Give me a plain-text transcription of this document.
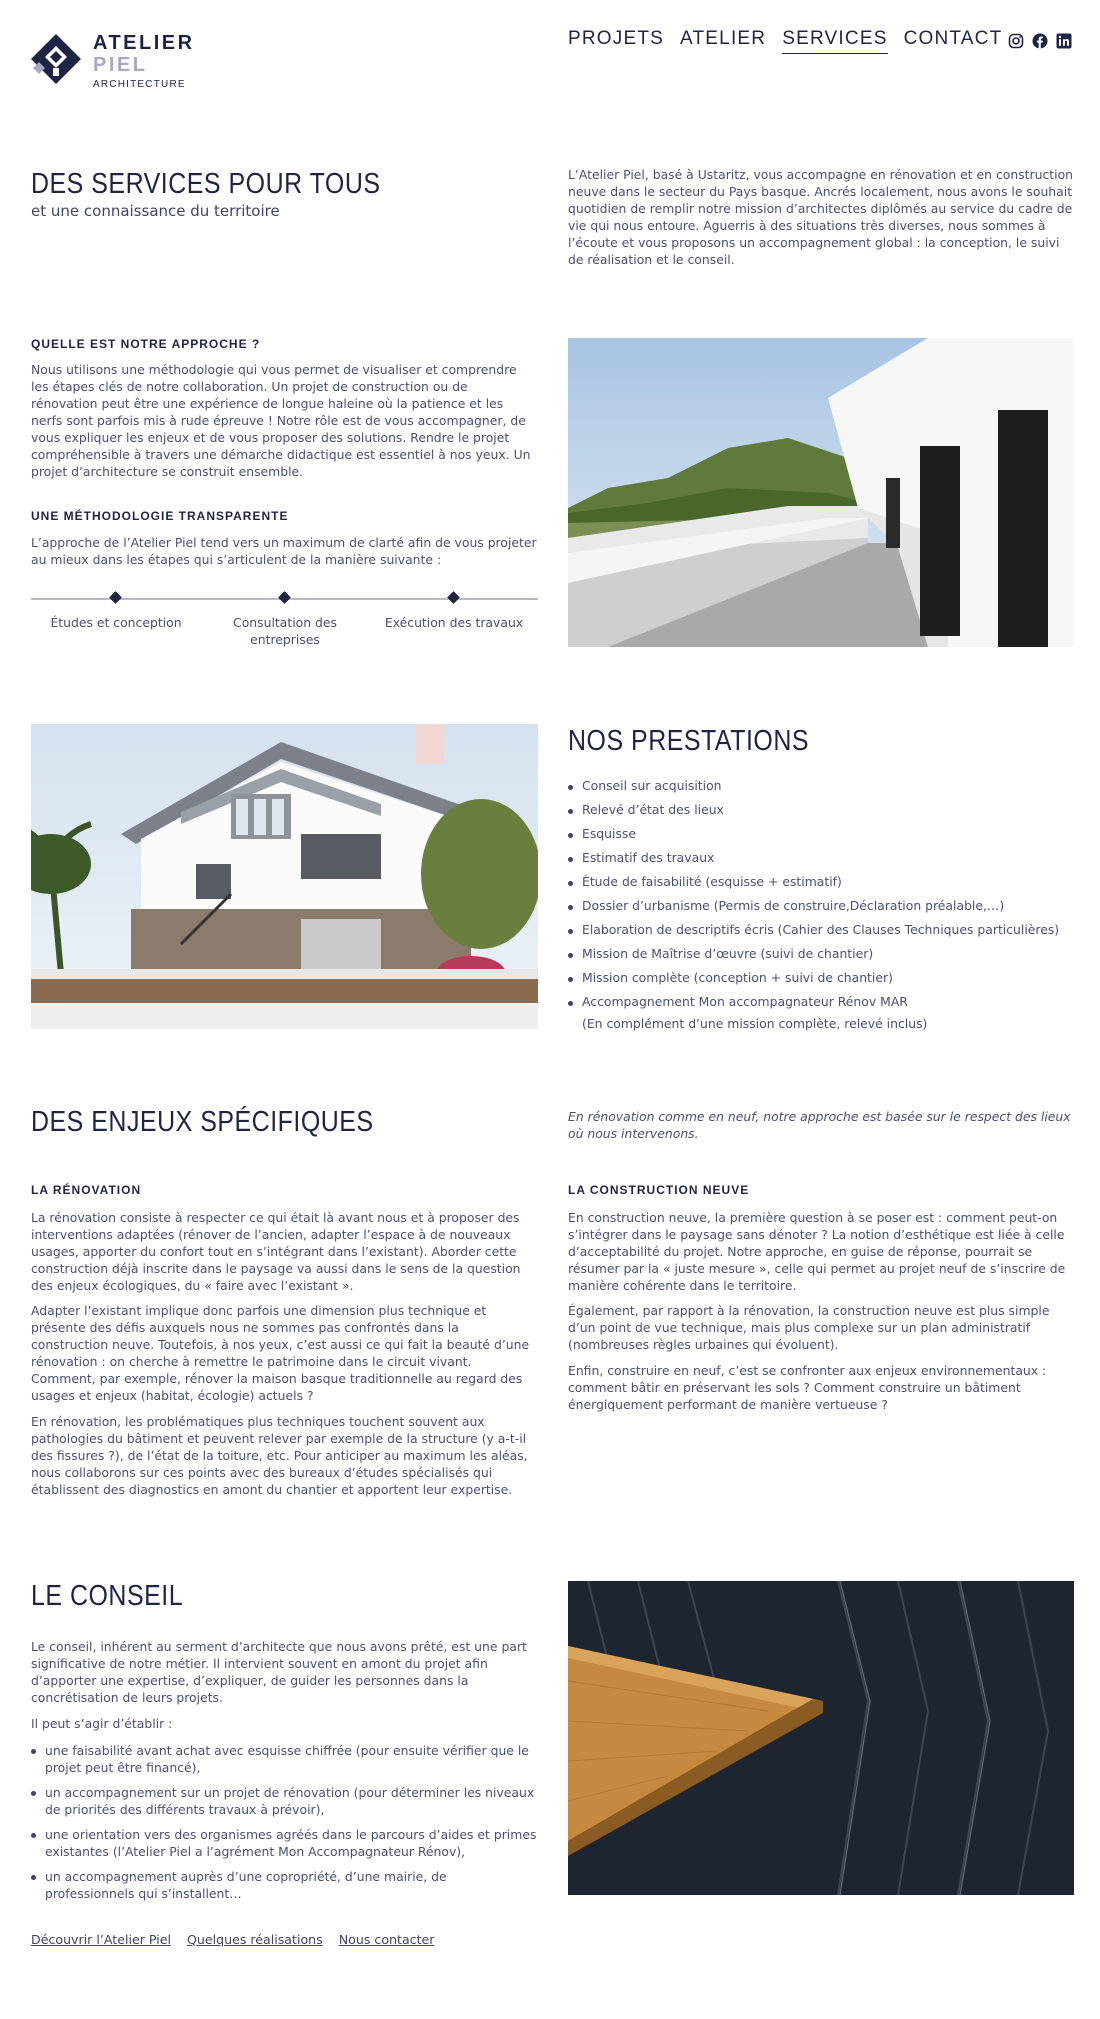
ATELIER
PIEL
ARCHITECTURE
PROJETS ATELIER SERVICES CONTACT
DES SERVICES POUR TOUS
et une connaissance du territoire
L’Atelier Piel, basé à Ustaritz, vous accompagne en rénovation et en construction neuve dans le secteur du Pays basque. Ancrés localement, nous avons le souhait quotidien de remplir notre mission d’architectes diplômés au service du cadre de vie qui nous entoure. Aguerris à des situations très diverses, nous sommes à l’écoute et vous proposons un accompagnement global : la conception, le suivi de réalisation et le conseil.
QUELLE EST NOTRE APPROCHE ?
Nous utilisons une méthodologie qui vous permet de visualiser et comprendre les étapes clés de notre collaboration. Un projet de construction ou de rénovation peut être une expérience de longue haleine où la patience et les nerfs sont parfois mis à rude épreuve ! Notre rôle est de vous accompagner, de vous expliquer les enjeux et de vous proposer des solutions. Rendre le projet compréhensible à travers une démarche didactique est essentiel à nos yeux. Un projet d’architecture se construit ensemble.
UNE MÉTHODOLOGIE TRANSPARENTE
L’approche de l’Atelier Piel tend vers un maximum de clarté afin de vous projeter au mieux dans les étapes qui s’articulent de la manière suivante :
Études et conception	Consultation des entreprises
Exécution des travaux
NOS PRESTATIONS
Conseil sur acquisition
Relevé d’état des lieux
Esquisse
Estimatif des travaux
Étude de faisabilité (esquisse + estimatif)
Dossier d’urbanisme (Permis de construire,Déclaration préalable,…)
Elaboration de descriptifs écris (Cahier des Clauses Techniques particulières)
Mission de Maîtrise d’œuvre (suivi de chantier)
Mission complète (conception + suivi de chantier)
Accompagnement Mon accompagnateur Rénov MAR
(En complément d’une mission complète, relevé inclus)
DES ENJEUX SPÉCIFIQUES	En rénovation comme en neuf, notre approche est basée sur le respect des lieux où nous intervenons.
LA RÉNOVATION
La rénovation consiste à respecter ce qui était là avant nous et à proposer des interventions adaptées (rénover de l’ancien, adapter l’espace à de nouveaux usages, apporter du confort tout en s’intégrant dans l’existant). Aborder cette construction déjà inscrite dans le paysage va aussi dans le sens de la question des enjeux écologiques, du « faire avec l’existant ».
Adapter l’existant implique donc parfois une dimension plus technique et présente des défis auxquels nous ne sommes pas confrontés dans la construction neuve. Toutefois, à nos yeux, c’est aussi ce qui fait la beauté d’une rénovation : on cherche à remettre le patrimoine dans le circuit vivant. Comment, par exemple, rénover la maison basque traditionnelle au regard des usages et enjeux (habitat, écologie) actuels ?
En rénovation, les problématiques plus techniques touchent souvent aux pathologies du bâtiment et peuvent relever par exemple de la structure (y a-t-il des fissures ?), de l’état de la toiture, etc. Pour anticiper au maximum les aléas, nous collaborons sur ces points avec des bureaux d’études spécialisés qui établissent des diagnostics en amont du chantier et apportent leur expertise.
LA CONSTRUCTION NEUVE
En construction neuve, la première question à se poser est : comment peut-on s’intégrer dans le paysage sans dénoter ? La notion d’esthétique est liée à celle d’acceptabilité du projet. Notre approche, en guise de réponse, pourrait se résumer par la « juste mesure », celle qui permet au projet neuf de s’inscrire de manière cohérente dans le territoire.
Également, par rapport à la rénovation, la construction neuve est plus simple d’un point de vue technique, mais plus complexe sur un plan administratif (nombreuses règles urbaines qui évoluent).
Enfin, construire en neuf, c’est se confronter aux enjeux environnementaux : comment bâtir en préservant les sols ? Comment construire un bâtiment énergiquement performant de manière vertueuse ?
LE CONSEIL
Le conseil, inhérent au serment d’architecte que nous avons prêté, est une part significative de notre métier. Il intervient souvent en amont du projet afin d’apporter une expertise, d’expliquer, de guider les personnes dans la concrétisation de leurs projets.
Il peut s’agir d’établir :
une faisabilité avant achat avec esquisse chiffrée (pour ensuite vérifier que le projet peut être financé),
un accompagnement sur un projet de rénovation (pour déterminer les niveaux de priorités des différents travaux à prévoir),
une orientation vers des organismes agréés dans le parcours d’aides et primes existantes (l’Atelier Piel a l’agrément Mon Accompagnateur Rénov),
un accompagnement auprès d’une copropriété, d’une mairie, de professionnels qui s’installent…
Découvrir l’Atelier Piel Quelques réalisations Nous contacter
